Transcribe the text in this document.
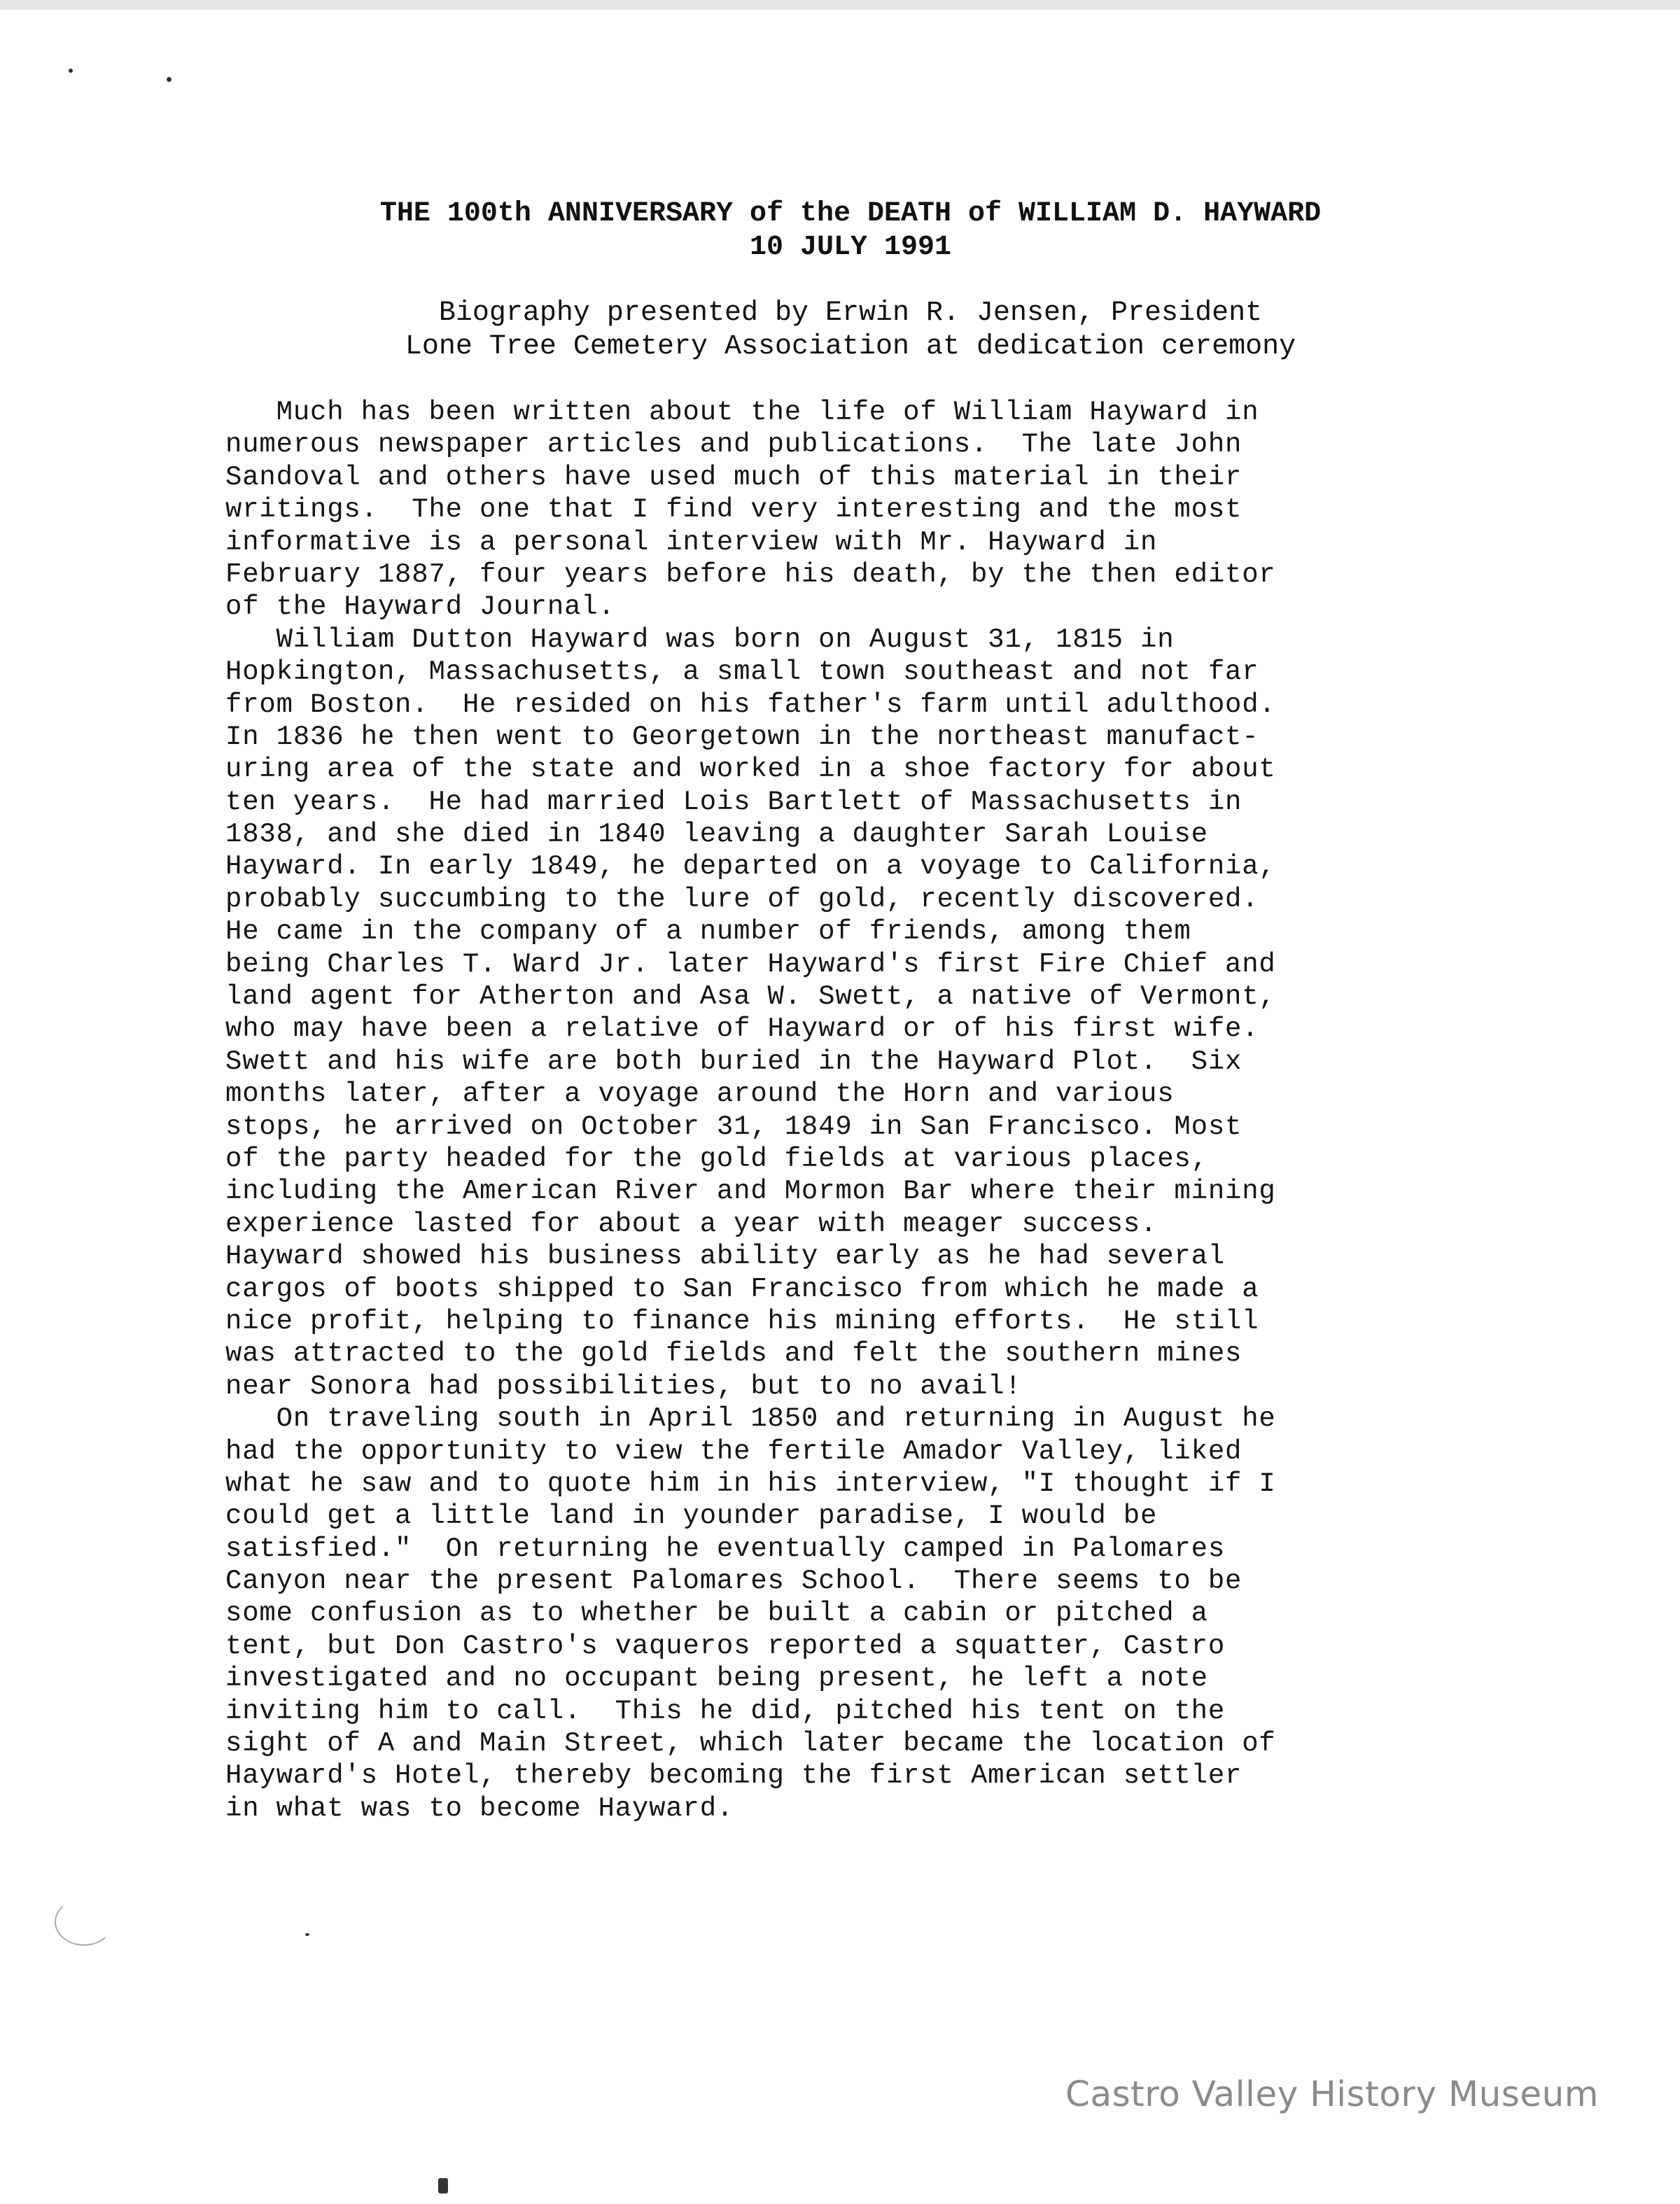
THE 100th ANNIVERSARY of the DEATH of WILLIAM D. HAYWARD
10 JULY 1991
Biography presented by Erwin R. Jensen, President
Lone Tree Cemetery Association at dedication ceremony
Much has been written about the life of William Hayward in
numerous newspaper articles and publications.  The late John
Sandoval and others have used much of this material in their
writings.  The one that I find very interesting and the most
informative is a personal interview with Mr. Hayward in
February 1887, four years before his death, by the then editor
of the Hayward Journal.
William Dutton Hayward was born on August 31, 1815 in
Hopkington, Massachusetts, a small town southeast and not far
from Boston.  He resided on his father's farm until adulthood.
In 1836 he then went to Georgetown in the northeast manufact-
uring area of the state and worked in a shoe factory for about
ten years.  He had married Lois Bartlett of Massachusetts in
1838, and she died in 1840 leaving a daughter Sarah Louise
Hayward. In early 1849, he departed on a voyage to California,
probably succumbing to the lure of gold, recently discovered.
He came in the company of a number of friends, among them
being Charles T. Ward Jr. later Hayward's first Fire Chief and
land agent for Atherton and Asa W. Swett, a native of Vermont,
who may have been a relative of Hayward or of his first wife.
Swett and his wife are both buried in the Hayward Plot.  Six
months later, after a voyage around the Horn and various
stops, he arrived on October 31, 1849 in San Francisco. Most
of the party headed for the gold fields at various places,
including the American River and Mormon Bar where their mining
experience lasted for about a year with meager success.
Hayward showed his business ability early as he had several
cargos of boots shipped to San Francisco from which he made a
nice profit, helping to finance his mining efforts.  He still
was attracted to the gold fields and felt the southern mines
near Sonora had possibilities, but to no avail!
On traveling south in April 1850 and returning in August he
had the opportunity to view the fertile Amador Valley, liked
what he saw and to quote him in his interview, "I thought if I
could get a little land in younder paradise, I would be
satisfied."  On returning he eventually camped in Palomares
Canyon near the present Palomares School.  There seems to be
some confusion as to whether be built a cabin or pitched a
tent, but Don Castro's vaqueros reported a squatter, Castro
investigated and no occupant being present, he left a note
inviting him to call.  This he did, pitched his tent on the
sight of A and Main Street, which later became the location of
Hayward's Hotel, thereby becoming the first American settler
in what was to become Hayward.
Castro Valley History Museum
